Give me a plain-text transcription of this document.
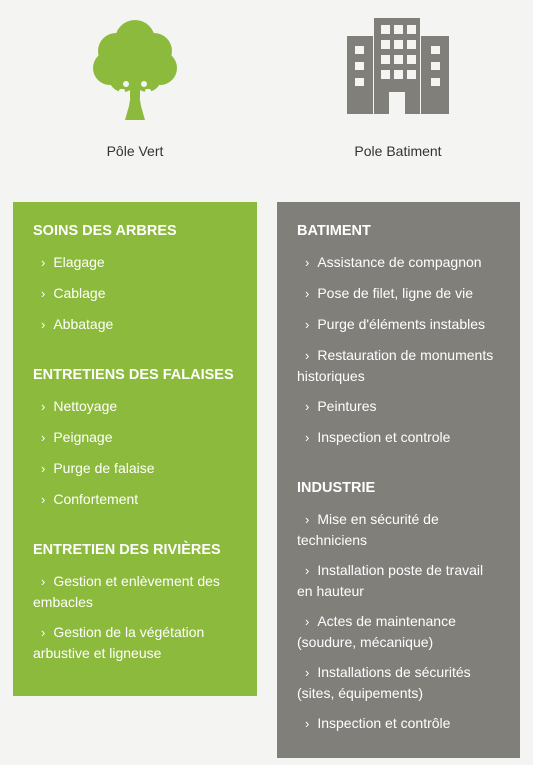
Pôle Vert	Pole Batiment
SOINS DES ARBRES
› Elagage
› Cablage
› Abbatage
ENTRETIENS DES FALAISES
› Nettoyage
› Peignage
› Purge de falaise
› Confortement
ENTRETIEN DES RIVIÈRES
› Gestion et enlèvement des embacles
› Gestion de la végétation arbustive et ligneuse
BATIMENT
› Assistance de compagnon
› Pose de filet, ligne de vie
› Purge d'éléments instables
› Restauration de monuments historiques
› Peintures
› Inspection et controle
INDUSTRIE
› Mise en sécurité de techniciens
› Installation poste de travail en hauteur
› Actes de maintenance (soudure, mécanique)
› Installations de sécurités (sites, équipements)
› Inspection et contrôle
